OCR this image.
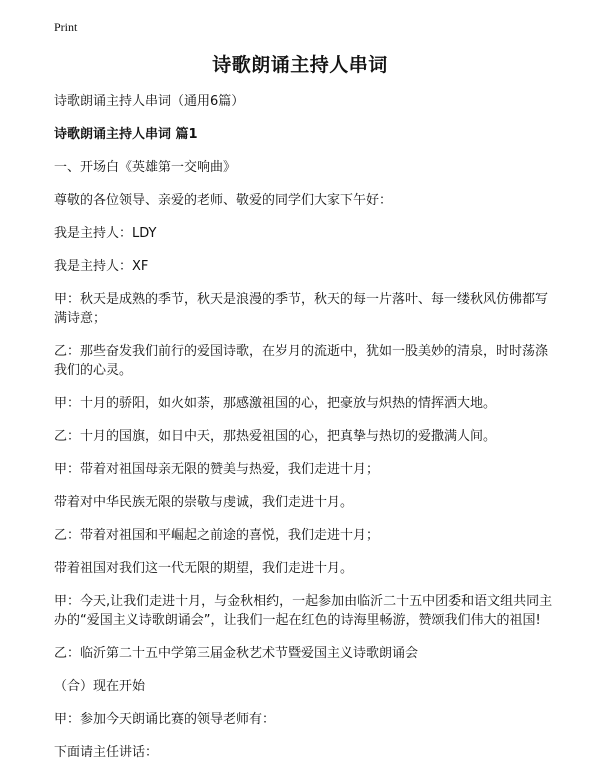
Print
诗歌朗诵主持人串词

诗歌朗诵主持人串词（通用6篇）

诗歌朗诵主持人串词 篇1

一、开场白《英雄第一交响曲》

尊敬的各位领导、亲爱的老师、敬爱的同学们大家下午好：

我是主持人：LDY

我是主持人：XF

甲：秋天是成熟的季节，秋天是浪漫的季节，秋天的每一片落叶、每一缕秋风仿佛都写满诗意；

乙：那些奋发我们前行的爱国诗歌，在岁月的流逝中，犹如一股美妙的清泉，时时荡涤我们的心灵。

甲：十月的骄阳，如火如荼，那感激祖国的心，把豪放与炽热的情挥洒大地。

乙：十月的国旗，如日中天，那热爱祖国的心，把真挚与热切的爱撒满人间。

甲：带着对祖国母亲无限的赞美与热爱，我们走进十月；

带着对中华民族无限的崇敬与虔诚，我们走进十月。

乙：带着对祖国和平崛起之前途的喜悦，我们走进十月；

带着祖国对我们这一代无限的期望，我们走进十月。

甲：今天,让我们走进十月，与金秋相约，一起参加由临沂二十五中团委和语文组共同主办的“爱国主义诗歌朗诵会”，让我们一起在红色的诗海里畅游，赞颂我们伟大的祖国!

乙：临沂第二十五中学第三届金秋艺术节暨爱国主义诗歌朗诵会

（合）现在开始

甲：参加今天朗诵比赛的领导老师有：

下面请主任讲话：
